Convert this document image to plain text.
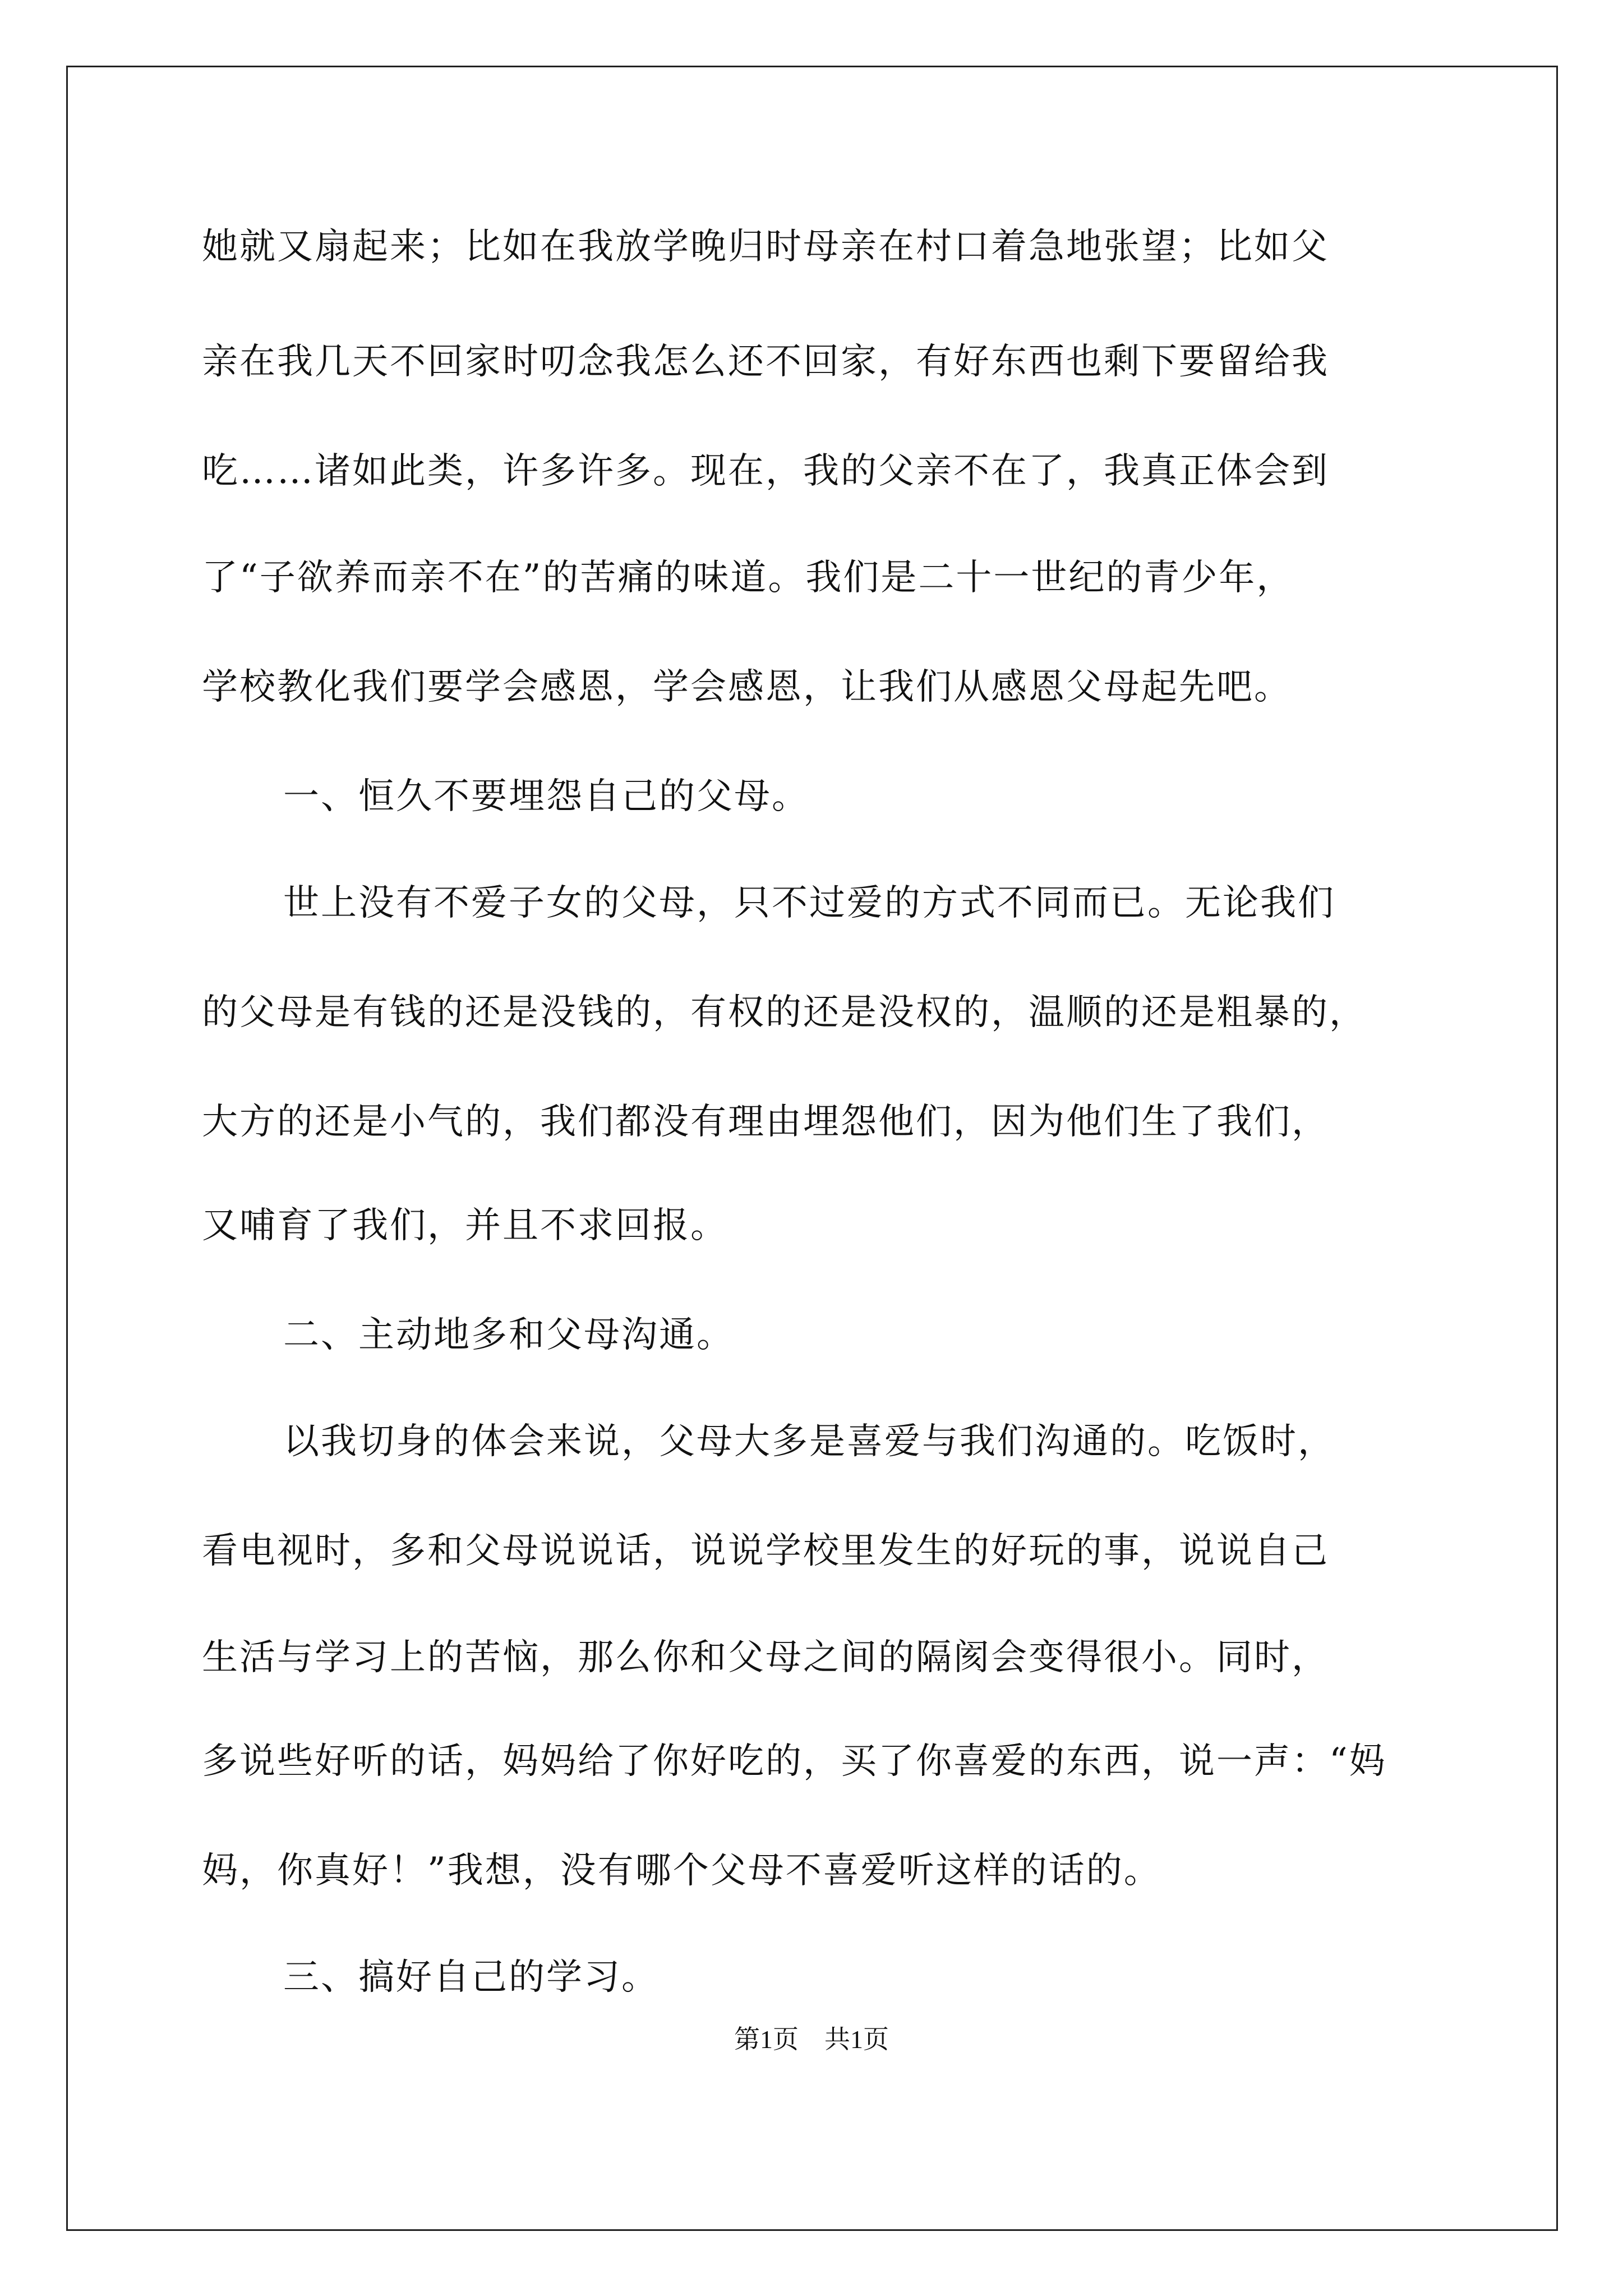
她就又扇起来；比如在我放学晚归时母亲在村口着急地张望；比如父
亲在我几天不回家时叨念我怎么还不回家，有好东西也剩下要留给我
吃……诸如此类，许多许多。现在，我的父亲不在了，我真正体会到
了“子欲养而亲不在”的苦痛的味道。我们是二十一世纪的青少年，
学校教化我们要学会感恩，学会感恩，让我们从感恩父母起先吧。
一、恒久不要埋怨自己的父母。
世上没有不爱子女的父母，只不过爱的方式不同而已。无论我们
的父母是有钱的还是没钱的，有权的还是没权的，温顺的还是粗暴的，
大方的还是小气的，我们都没有理由埋怨他们，因为他们生了我们，
又哺育了我们，并且不求回报。
二、主动地多和父母沟通。
以我切身的体会来说，父母大多是喜爱与我们沟通的。吃饭时，
看电视时，多和父母说说话，说说学校里发生的好玩的事，说说自己
生活与学习上的苦恼，那么你和父母之间的隔阂会变得很小。同时，
多说些好听的话，妈妈给了你好吃的，买了你喜爱的东西，说一声：“妈
妈，你真好！”我想，没有哪个父母不喜爱听这样的话的。
三、搞好自己的学习。
第1页 共1页
